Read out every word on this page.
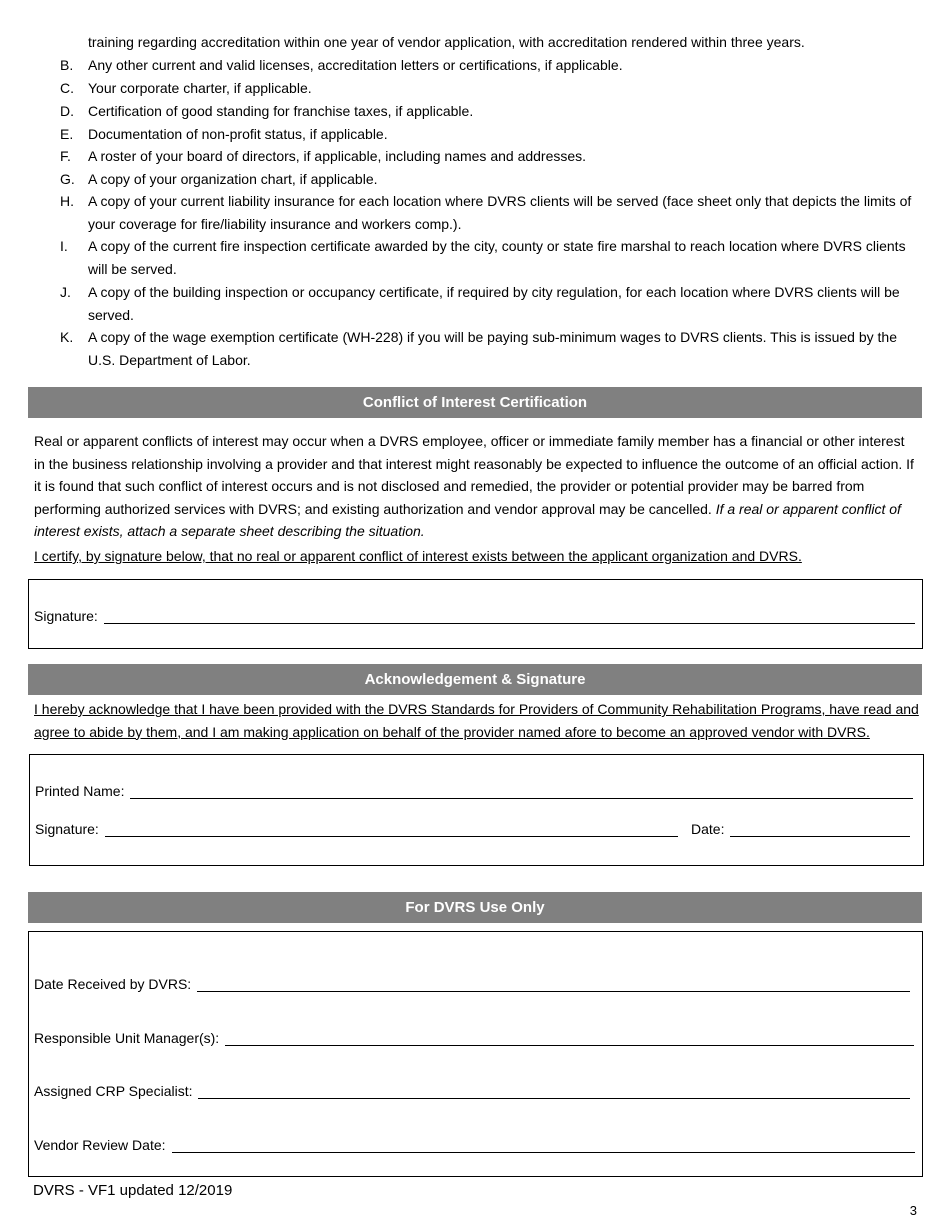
training regarding accreditation within one year of vendor application, with accreditation rendered within three years.
B.	Any other current and valid licenses, accreditation letters or certifications, if applicable.
C.	Your corporate charter, if applicable.
D.	Certification of good standing for franchise taxes, if applicable.
E.	Documentation of non-profit status, if applicable.
F.	A roster of your board of directors, if applicable, including names and addresses.
G. A copy of your organization chart, if applicable.
H.	A copy of your current liability insurance for each location where DVRS clients will be served (face sheet only that depicts the limits of your coverage for fire/liability insurance and workers comp.).
I.	A copy of the current fire inspection certificate awarded by the city, county or state fire marshal to reach location where DVRS clients will be served.
J.	A copy of the building inspection or occupancy certificate, if required by city regulation, for each location where DVRS clients will be served.
K.	A copy of the wage exemption certificate (WH-228) if you will be paying sub-minimum wages to DVRS clients. This is issued by the U.S. Department of Labor.
Conflict of Interest Certification
Real or apparent conflicts of interest may occur when a DVRS employee, officer or immediate family member has a financial or other interest in the business relationship involving a provider and that interest might reasonably be expected to influence the outcome of an official action. If it is found that such conflict of interest occurs and is not disclosed and remedied, the provider or potential provider may be barred from performing authorized services with DVRS; and existing authorization and vendor approval may be cancelled. If a real or apparent conflict of interest exists, attach a separate sheet describing the situation.
I certify, by signature below, that no real or apparent conflict of interest exists between the applicant organization and DVRS.
Signature:
Acknowledgement & Signature
I hereby acknowledge that I have been provided with the DVRS Standards for Providers of Community Rehabilitation Programs, have read and agree to abide by them, and I am making application on behalf of the provider named afore to become an approved vendor with DVRS.
Printed Name:
Signature:	Date:
For DVRS Use Only
Date Received by DVRS:
Responsible Unit Manager(s):
Assigned CRP Specialist:
Vendor Review Date:
DVRS - VF1 updated 12/2019
3
